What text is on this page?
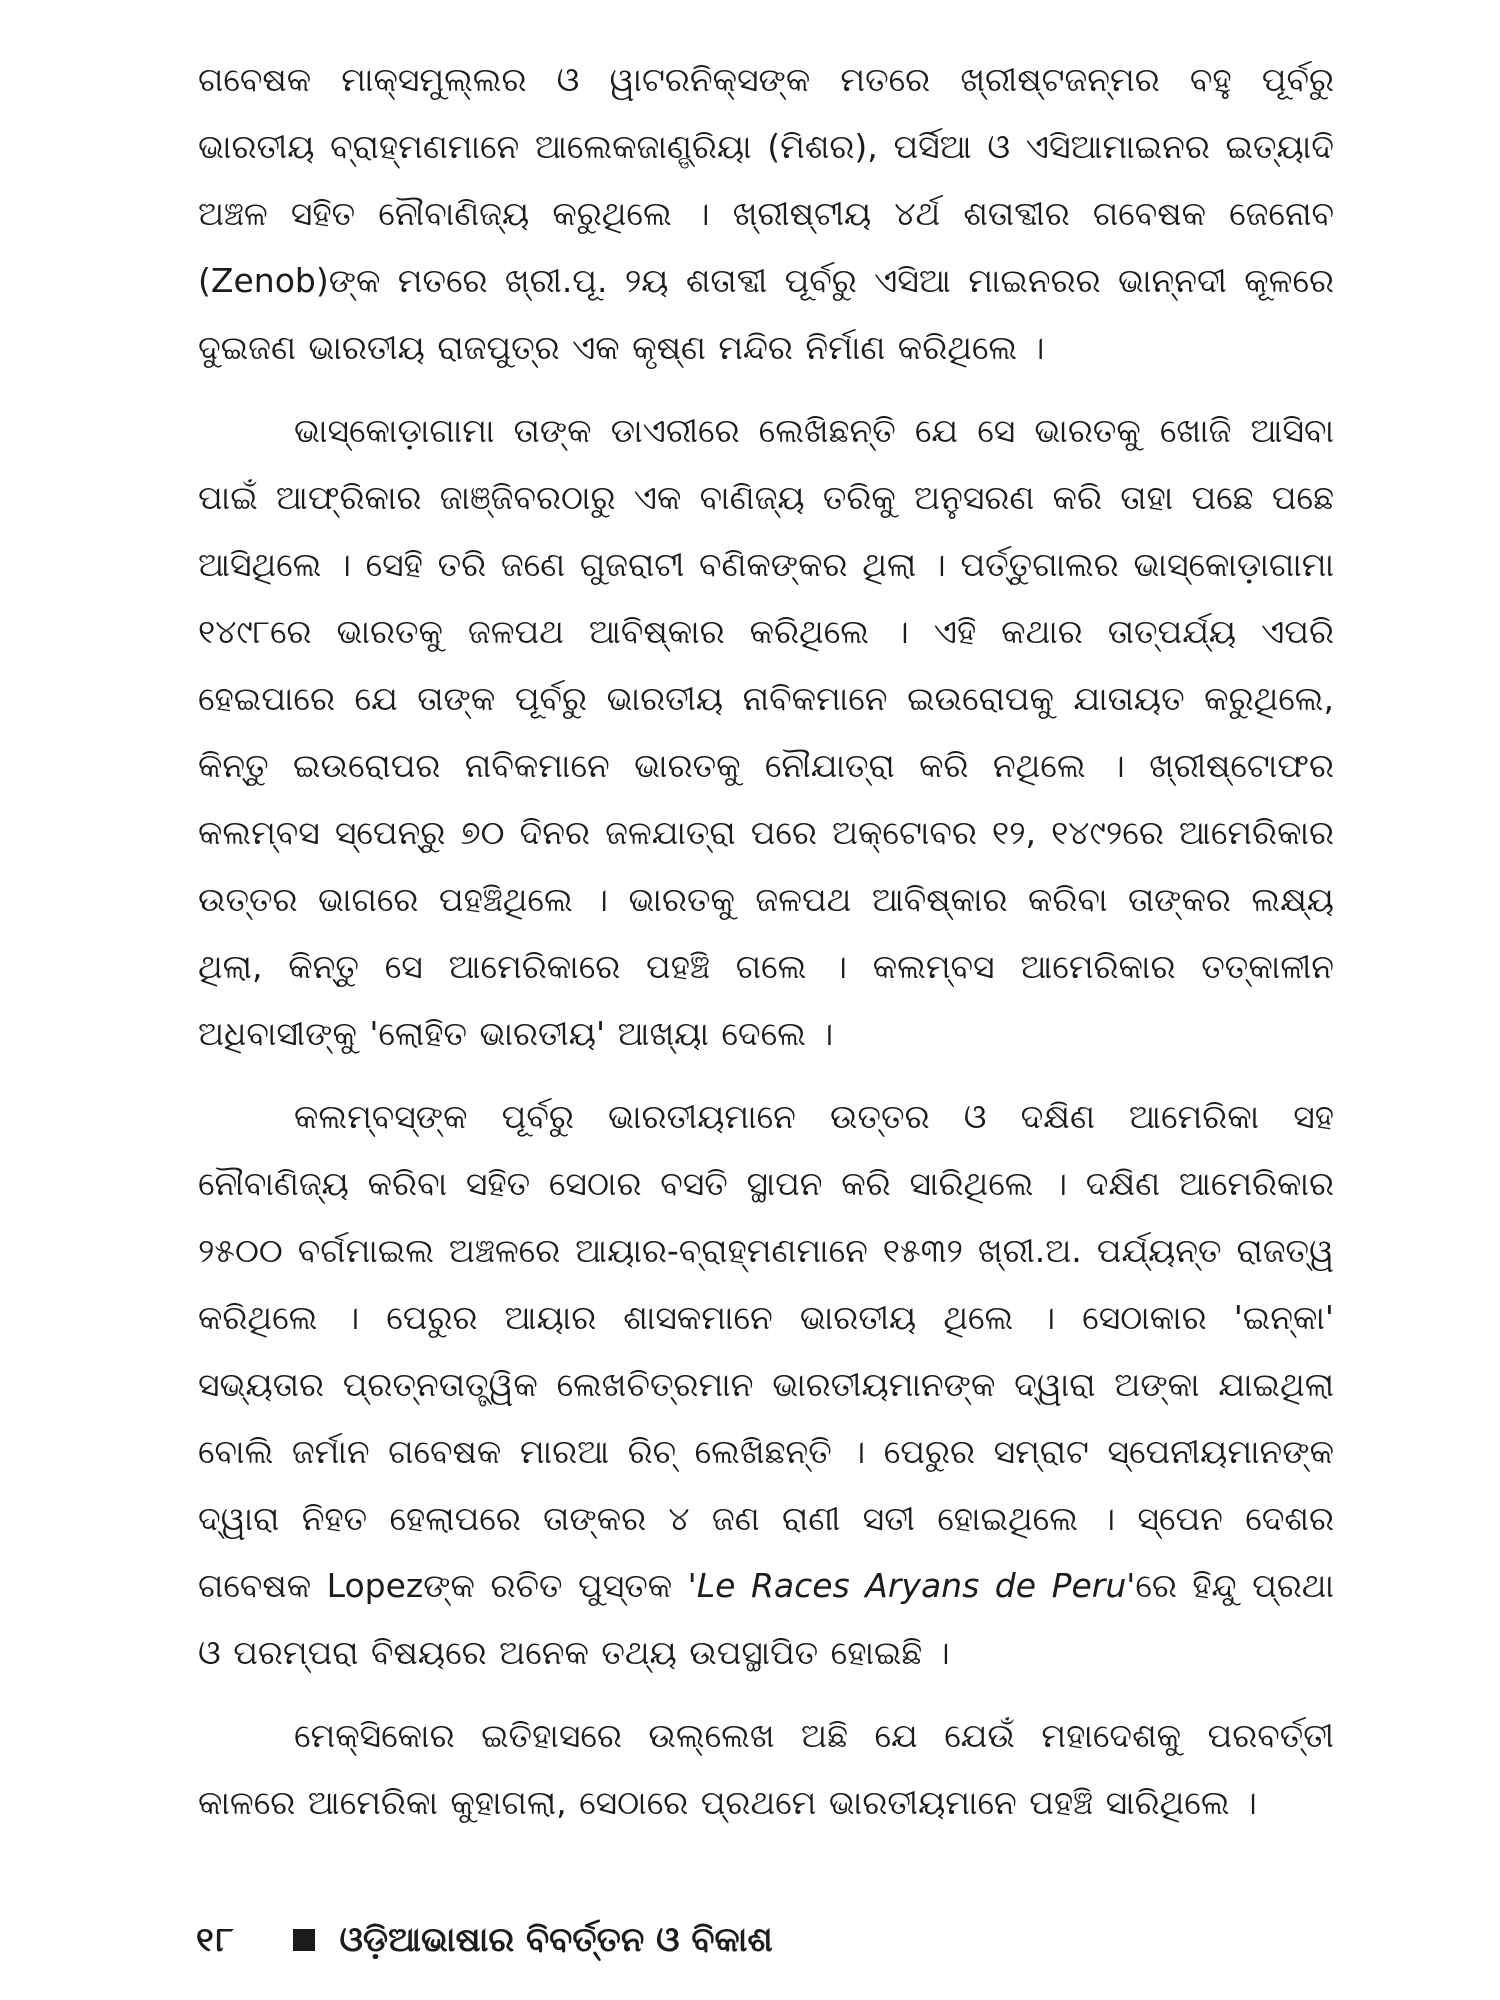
ଗବେଷକ ମାକ୍ସମୁଲ୍ଲର ଓ ୱାଟରନିକ୍ସଙ୍କ ମତରେ ଖ୍ରୀଷ୍ଟଜନ୍ମର ବହୁ ପୂର୍ବରୁ ଭାରତୀୟ ବ୍ରାହ୍ମଣମାନେ ଆଲେକଜାଣ୍ଡ୍ରିୟା (ମିଶର), ପର୍ସିଆ ଓ ଏସିଆମାଇନର ଇତ୍ୟାଦି ଅଞ୍ଚଳ ସହିତ ନୌବାଣିଜ୍ୟ କରୁଥିଲେ । ଖ୍ରୀଷ୍ଟୀୟ ୪ର୍ଥ ଶତାବ୍ଦୀର ଗବେଷକ ଜେନୋବ (Zenob)ଙ୍କ ମତରେ ଖ୍ରୀ.ପୂ. ୨ୟ ଶତାବ୍ଦୀ ପୂର୍ବରୁ ଏସିଆ ମାଇନରର ଭାନ୍‌ନଦୀ କୂଳରେ ଦୁଇଜଣ ଭାରତୀୟ ରାଜପୁତ୍ର ଏକ କୃଷ୍ଣ ମନ୍ଦିର ନିର୍ମାଣ କରିଥିଲେ ।

ଭାସ୍କୋଡ଼ାଗାମା ତାଙ୍କ ଡାଏରୀରେ ଲେଖିଛନ୍ତି ଯେ ସେ ଭାରତକୁ ଖୋଜି ଆସିବା ପାଇଁ ଆଫ୍ରିକାର ଜାଞ୍ଜିବରଠାରୁ ଏକ ବାଣିଜ୍ୟ ତରିକୁ ଅନୁସରଣ କରି ତାହା ପଛେ ପଛେ ଆସିଥିଲେ । ସେହି ତରି ଜଣେ ଗୁଜରାଟୀ ବଣିକଙ୍କର ଥିଲା । ପର୍ତ୍ତୁଗାଲର ଭାସ୍କୋଡ଼ାଗାମା ୧୪୯୮ରେ ଭାରତକୁ ଜଳପଥ ଆବିଷ୍କାର କରିଥିଲେ । ଏହି କଥାର ତାତ୍ପର୍ଯ୍ୟ ଏପରି ହେଇପାରେ ଯେ ତାଙ୍କ ପୂର୍ବରୁ ଭାରତୀୟ ନାବିକମାନେ ଇଉରୋପକୁ ଯାତାୟତ କରୁଥିଲେ, କିନ୍ତୁ ଇଉରୋପର ନାବିକମାନେ ଭାରତକୁ ନୌଯାତ୍ରା କରି ନଥିଲେ । ଖ୍ରୀଷ୍ଟୋଫର କଲମ୍ବସ ସ୍ପେନ୍‌ରୁ ୭୦ ଦିନର ଜଳଯାତ୍ରା ପରେ ଅକ୍ଟୋବର ୧୨, ୧୪୯୨ରେ ଆମେରିକାର ଉତ୍ତର ଭାଗରେ ପହଞ୍ଚିଥିଲେ । ଭାରତକୁ ଜଳପଥ ଆବିଷ୍କାର କରିବା ତାଙ୍କର ଲକ୍ଷ୍ୟ ଥିଲା, କିନ୍ତୁ ସେ ଆମେରିକାରେ ପହଞ୍ଚି ଗଲେ । କଲମ୍ବସ ଆମେରିକାର ତତ୍‌କାଳୀନ ଅଧିବାସୀଙ୍କୁ 'ଲୋହିତ ଭାରତୀୟ' ଆଖ୍ୟା ଦେଲେ ।

କଲମ୍ବସ୍‌ଙ୍କ ପୂର୍ବରୁ ଭାରତୀୟମାନେ ଉତ୍ତର ଓ ଦକ୍ଷିଣ ଆମେରିକା ସହ ନୌବାଣିଜ୍ୟ କରିବା ସହିତ ସେଠାର ବସତି ସ୍ଥାପନ କରି ସାରିଥିଲେ । ଦକ୍ଷିଣ ଆମେରିକାର ୨୫୦୦ ବର୍ଗମାଇଲ ଅଞ୍ଚଳରେ ଆୟାର-ବ୍ରାହ୍ମଣମାନେ ୧୫୩୨ ଖ୍ରୀ.ଅ. ପର୍ଯ୍ୟନ୍ତ ରାଜତ୍ୱ କରିଥିଲେ । ପେରୁର ଆୟାର ଶାସକମାନେ ଭାରତୀୟ ଥିଲେ । ସେଠାକାର 'ଇନ୍‌କା' ସଭ୍ୟତାର ପ୍ରତ୍ନତାତ୍ତ୍ୱିକ ଲେଖଚିତ୍ରମାନ ଭାରତୀୟମାନଙ୍କ ଦ୍ୱାରା ଅଙ୍କା ଯାଇଥିଲା ବୋଲି ଜର୍ମାନ ଗବେଷକ ମାରଆ ରିଚ୍ ଲେଖିଛନ୍ତି । ପେରୁର ସମ୍ରାଟ ସ୍ପେନୀୟମାନଙ୍କ ଦ୍ୱାରା ନିହତ ହେଲାପରେ ତାଙ୍କର ୪ ଜଣ ରାଣୀ ସତୀ ହୋଇଥିଲେ । ସ୍ପେନ ଦେଶର ଗବେଷକ Lopezଙ୍କ ରଚିତ ପୁସ୍ତକ 'Le Races Aryans de Peru'ରେ ହିନ୍ଦୁ ପ୍ରଥା ଓ ପରମ୍ପରା ବିଷୟରେ ଅନେକ ତଥ୍ୟ ଉପସ୍ଥାପିତ ହୋଇଛି ।

ମେକ୍‌ସିକୋର ଇତିହାସରେ ଉଲ୍ଲେଖ ଅଛି ଯେ ଯେଉଁ ମହାଦେଶକୁ ପରବର୍ତ୍ତୀ କାଳରେ ଆମେରିକା କୁହାଗଲା, ସେଠାରେ ପ୍ରଥମେ ଭାରତୀୟମାନେ ପହଞ୍ଚି ସାରିଥିଲେ ।

୧୮	ଓଡ଼ିଆଭାଷାର ବିବର୍ତ୍ତନ ଓ ବିକାଶ
